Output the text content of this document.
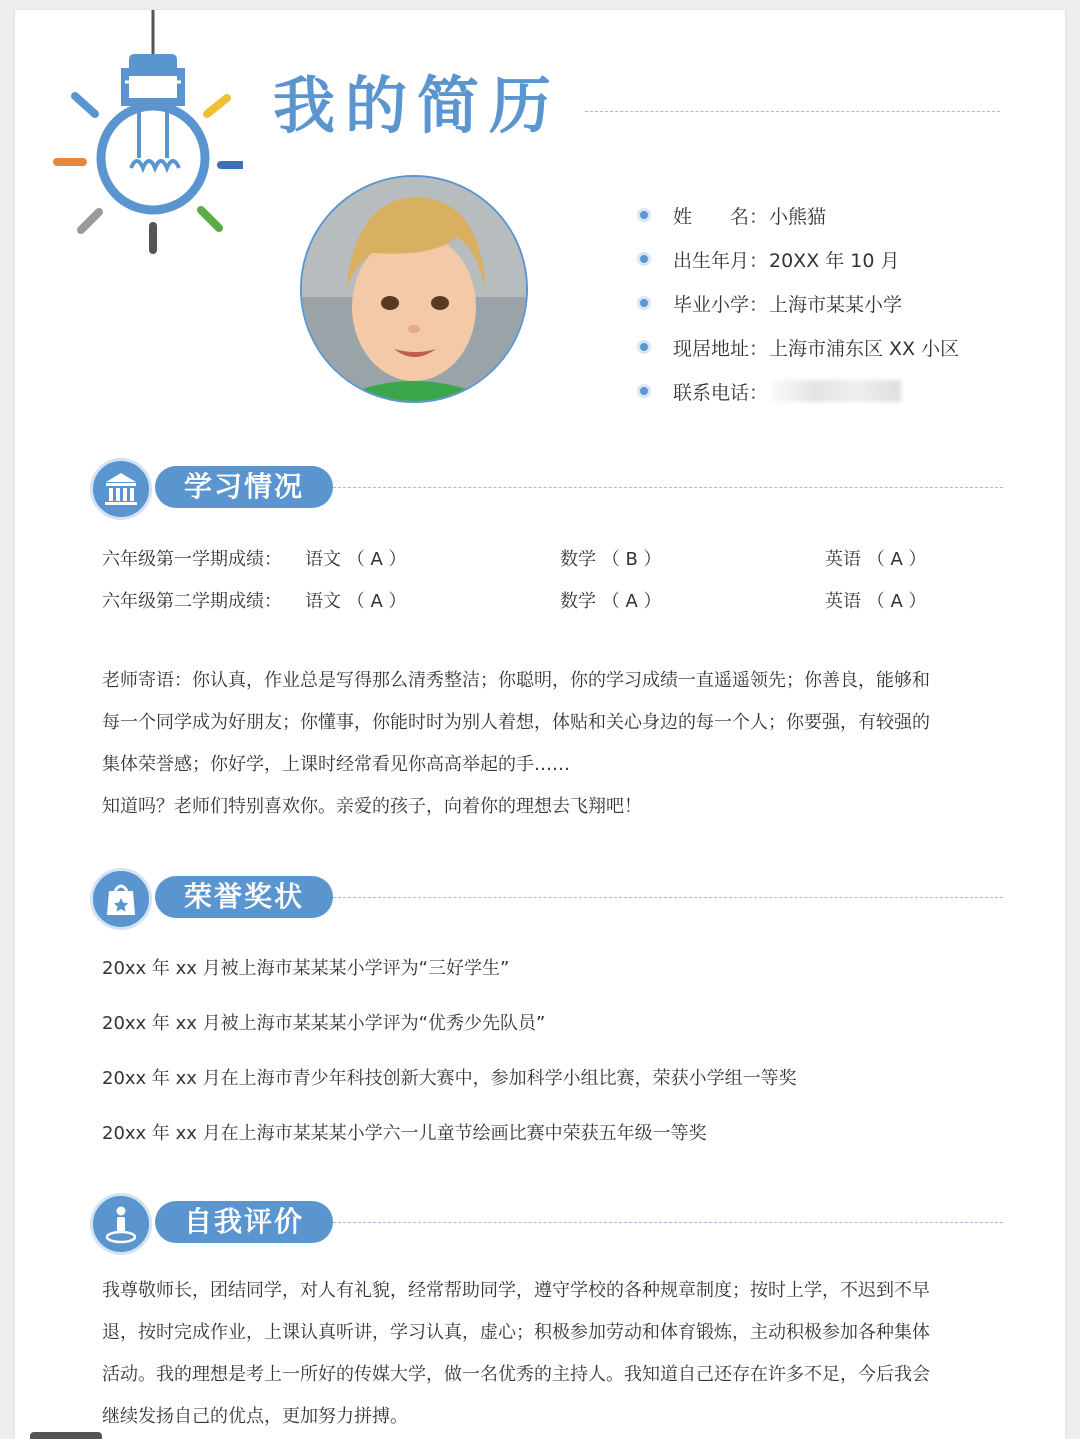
我的简历
姓　　名： 小熊猫
出生年月： 20XX 年 10 月
毕业小学： 上海市某某小学
现居地址： 上海市浦东区 XX 小区
联系电话：
学习情况
六年级第一学期成绩： 语文 （ A ）	数学 （ B ）	英语 （ A ）
六年级第二学期成绩： 语文 （ A ）	数学 （ A ）	英语 （ A ）
老师寄语：你认真，作业总是写得那么清秀整洁；你聪明，你的学习成绩一直遥遥领先；你善良，能够和
每一个同学成为好朋友；你懂事，你能时时为别人着想，体贴和关心身边的每一个人；你要强，有较强的
集体荣誉感；你好学，上课时经常看见你高高举起的手……
知道吗？老师们特别喜欢你。亲爱的孩子，向着你的理想去飞翔吧！
荣誉奖状
20xx 年 xx 月被上海市某某某小学评为“三好学生”
20xx 年 xx 月被上海市某某某小学评为“优秀少先队员”
20xx 年 xx 月在上海市青少年科技创新大赛中，参加科学小组比赛，荣获小学组一等奖
20xx 年 xx 月在上海市某某某小学六一儿童节绘画比赛中荣获五年级一等奖
自我评价
我尊敬师长，团结同学，对人有礼貌，经常帮助同学，遵守学校的各种规章制度；按时上学，不迟到不早
退，按时完成作业，上课认真听讲，学习认真，虚心；积极参加劳动和体育锻炼，主动积极参加各种集体
活动。我的理想是考上一所好的传媒大学，做一名优秀的主持人。我知道自己还存在许多不足，今后我会
继续发扬自己的优点，更加努力拼搏。
